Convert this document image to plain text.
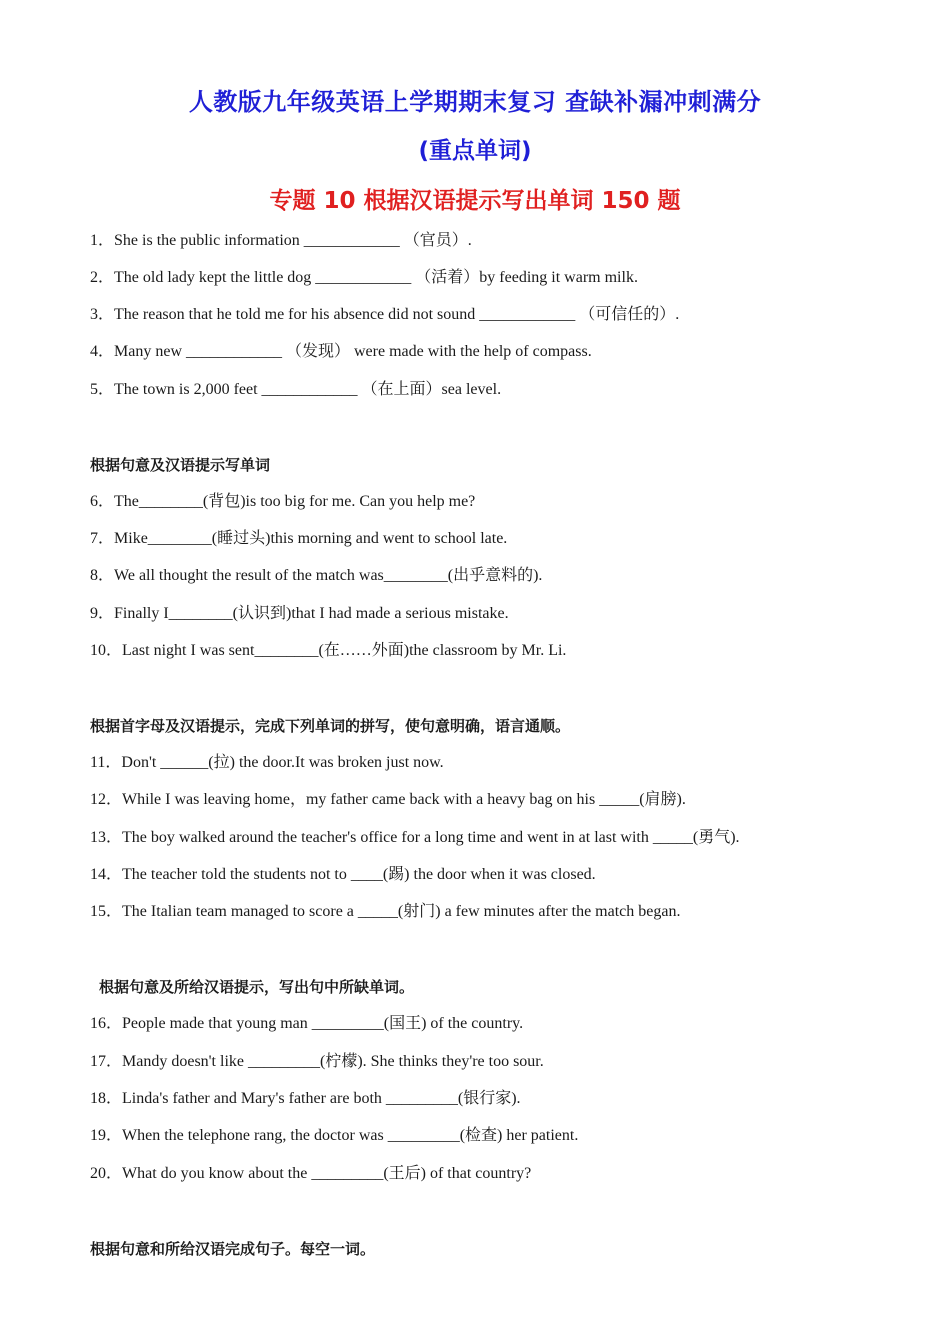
人教版九年级英语上学期期末复习 查缺补漏冲刺满分
(重点单词)
专题 10 根据汉语提示写出单词 150 题
1．She is the public information ____________ （官员）.
2．The old lady kept the little dog ____________ （活着）by feeding it warm milk.
3．The reason that he told me for his absence did not sound ____________ （可信任的）.
4．Many new ____________ （发现） were made with the help of compass.
5．The town is 2,000 feet ____________ （在上面）sea level.
根据句意及汉语提示写单词
6．The________(背包)is too big for me. Can you help me?
7．Mike________(睡过头)this morning and went to school late.
8．We all thought the result of the match was________(出乎意料的).
9．Finally I________(认识到)that I had made a serious mistake.
10．Last night I was sent________(在……外面)the classroom by Mr. Li.
根据首字母及汉语提示，完成下列单词的拼写，使句意明确，语言通顺。
11．Don't ______(拉) the door.It was broken just now.
12．While I was leaving home，my father came back with a heavy bag on his _____(肩膀).
13．The boy walked around the teacher's office for a long time and went in at last with _____(勇气).
14．The teacher told the students not to ____(踢) the door when it was closed.
15．The Italian team managed to score a _____(射门) a few minutes after the match began.
根据句意及所给汉语提示，写出句中所缺单词。
16．People made that young man _________(国王) of the country.
17．Mandy doesn't like _________(柠檬). She thinks they're too sour.
18．Linda's father and Mary's father are both _________(银行家).
19．When the telephone rang, the doctor was _________(检查) her patient.
20．What do you know about the _________(王后) of that country?
根据句意和所给汉语完成句子。每空一词。
